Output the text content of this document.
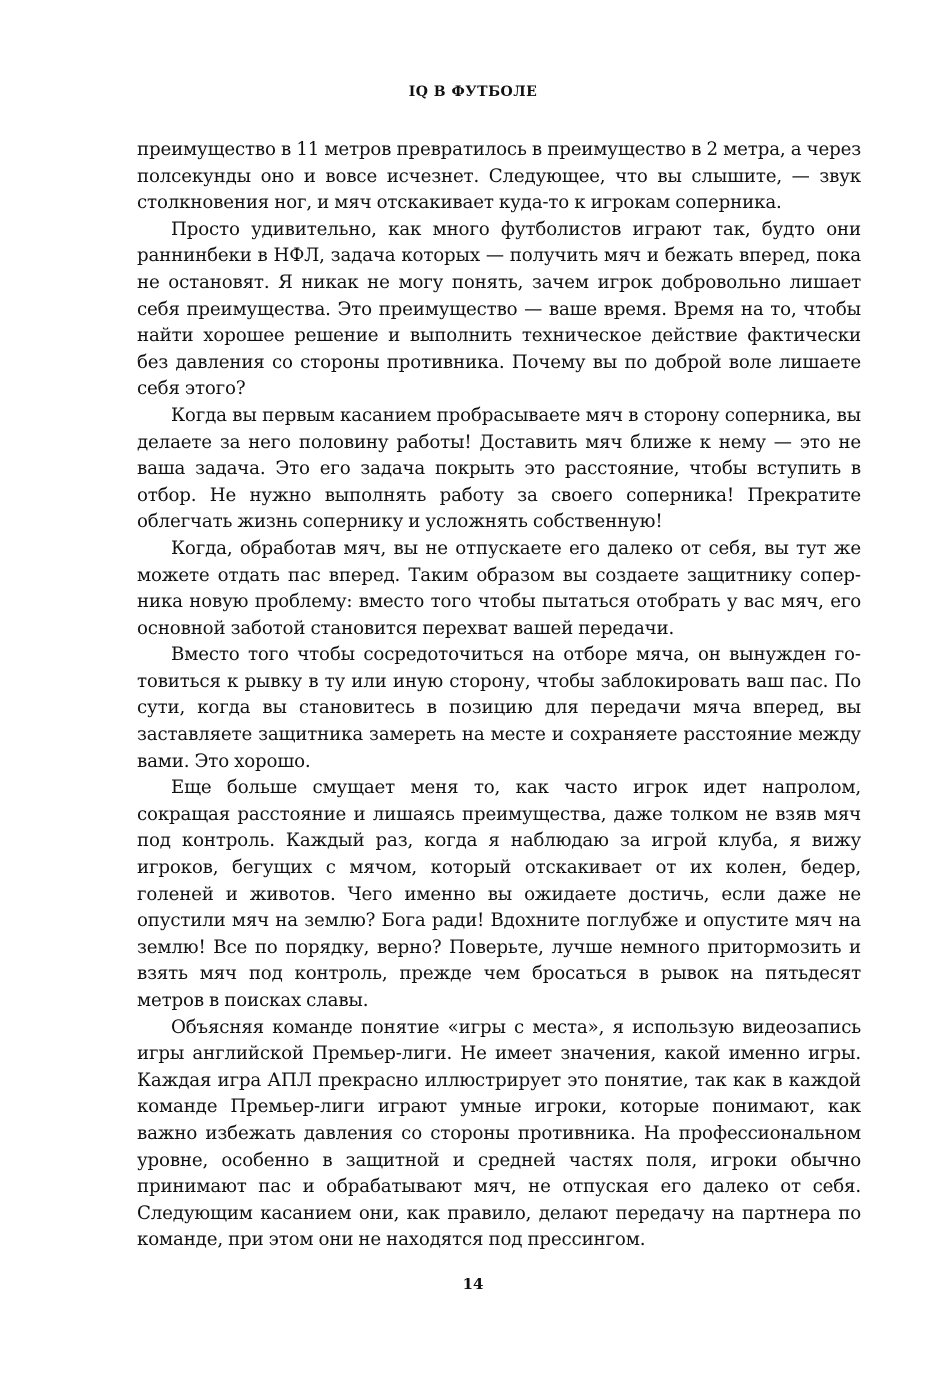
IQ В ФУТБОЛЕ

преимущество в 11 метров превратилось в преимущество в 2 метра, а через полсекунды оно и вовсе исчезнет. Следующее, что вы слышите, — звук столкновения ног, и мяч отскакивает куда-то к игрокам соперника.

Просто удивительно, как много футболистов играют так, будто они раннинбеки в НФЛ, задача которых — получить мяч и бежать вперед, пока не остановят. Я никак не могу понять, зачем игрок добровольно лишает себя преимущества. Это преимущество — ваше время. Время на то, чтобы найти хорошее решение и выполнить техническое действие фактически без давления со стороны противника. Почему вы по доброй воле лишаете себя этого?

Когда вы первым касанием пробрасываете мяч в сторону соперника, вы делаете за него половину работы! Доставить мяч ближе к нему — это не ваша задача. Это его задача покрыть это расстояние, чтобы вступить в отбор. Не нужно выполнять работу за своего соперника! Прекратите облегчать жизнь сопернику и усложнять собственную!

Когда, обработав мяч, вы не отпускаете его далеко от себя, вы тут же можете отдать пас вперед. Таким образом вы создаете защитнику соперника новую проблему: вместо того чтобы пытаться отобрать у вас мяч, его основной заботой становится перехват вашей передачи.

Вместо того чтобы сосредоточиться на отборе мяча, он вынужден готовиться к рывку в ту или иную сторону, чтобы заблокировать ваш пас. По сути, когда вы становитесь в позицию для передачи мяча вперед, вы заставляете защитника замереть на месте и сохраняете расстояние между вами. Это хорошо.

Еще больше смущает меня то, как часто игрок идет напролом, сокращая расстояние и лишаясь преимущества, даже толком не взяв мяч под контроль. Каждый раз, когда я наблюдаю за игрой клуба, я вижу игроков, бегущих с мячом, который отскакивает от их колен, бедер, голеней и животов. Чего именно вы ожидаете достичь, если даже не опустили мяч на землю? Бога ради! Вдохните поглубже и опустите мяч на землю! Все по порядку, верно? Поверьте, лучше немного притормозить и взять мяч под контроль, прежде чем бросаться в рывок на пятьдесят метров в поисках славы.

Объясняя команде понятие «игры с места», я использую видеозапись игры английской Премьер-лиги. Не имеет значения, какой именно игры. Каждая игра АПЛ прекрасно иллюстрирует это понятие, так как в каждой команде Премьер-лиги играют умные игроки, которые понимают, как важно избежать давления со стороны противника. На профессиональном уровне, особенно в защитной и средней частях поля, игроки обычно принимают пас и обрабатывают мяч, не отпуская его далеко от себя. Следующим касанием они, как правило, делают передачу на партнера по команде, при этом они не находятся под прессингом.

14
